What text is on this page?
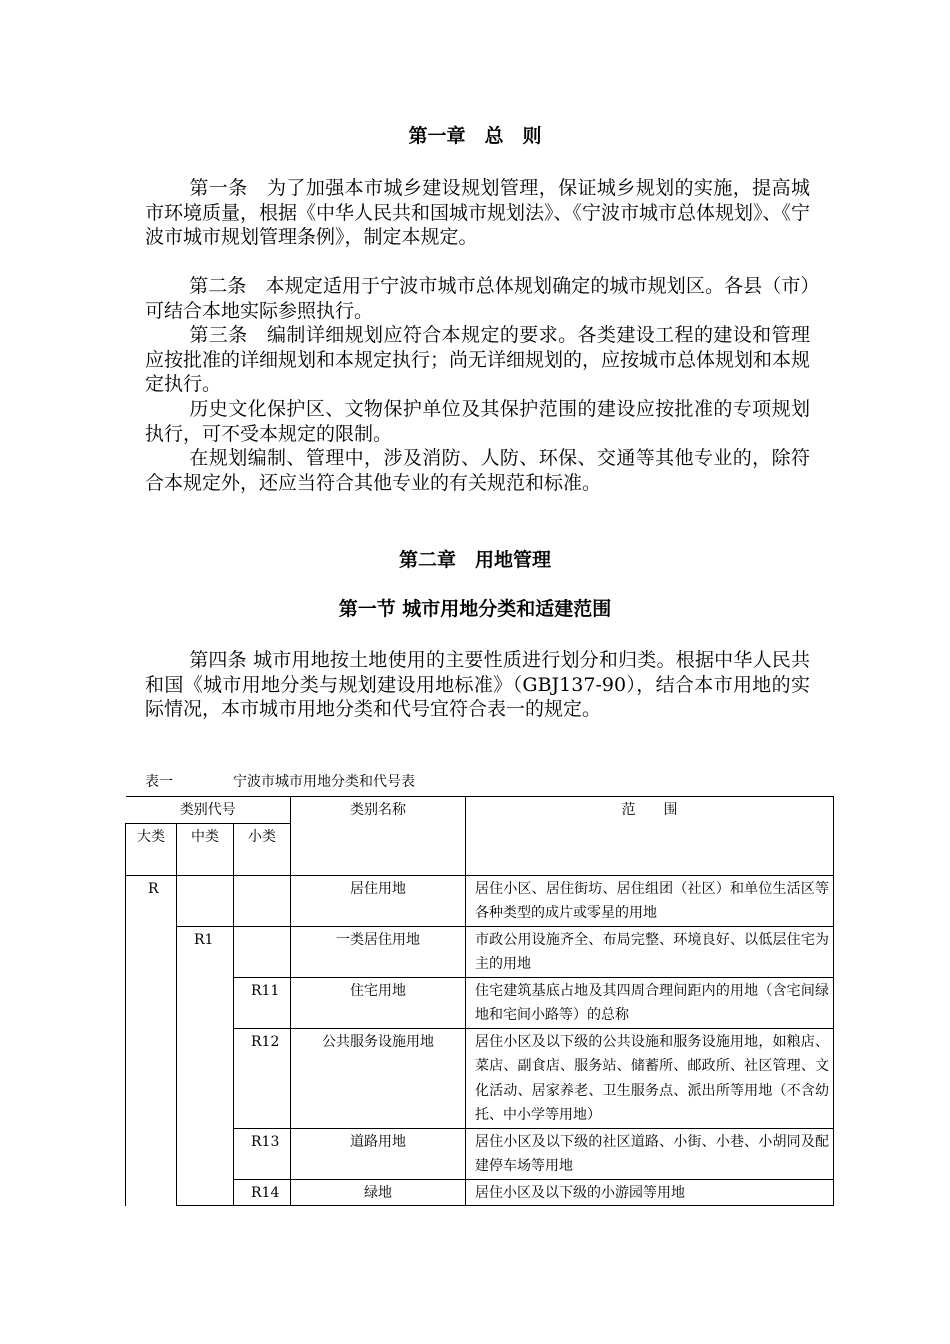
第一章　总　则

第一条　为了加强本市城乡建设规划管理，保证城乡规划的实施，提高城市环境质量，根据《中华人民共和国城市规划法》、《宁波市城市总体规划》、《宁波市城市规划管理条例》，制定本规定。

第二条　本规定适用于宁波市城市总体规划确定的城市规划区。各县（市）可结合本地实际参照执行。

第三条　编制详细规划应符合本规定的要求。各类建设工程的建设和管理应按批准的详细规划和本规定执行；尚无详细规划的，应按城市总体规划和本规定执行。

历史文化保护区、文物保护单位及其保护范围的建设应按批准的专项规划执行，可不受本规定的限制。

在规划编制、管理中，涉及消防、人防、环保、交通等其他专业的，除符合本规定外，还应当符合其他专业的有关规范和标准。

第二章　用地管理
第一节 城市用地分类和适建范围

第四条 城市用地按土地使用的主要性质进行划分和归类。根据中华人民共和国《城市用地分类与规划建设用地标准》（GBJ137-90），结合本市用地的实际情况，本市城市用地分类和代号宜符合表一的规定。

表一	宁波市城市用地分类和代号表
类别代号			类别名称	范　　围
大类	中类	小类		
R			居住用地	居住小区、居住街坊、居住组团（社区）和单位生活区等各种类型的成片或零星的用地
	R1		一类居住用地	市政公用设施齐全、布局完整、环境良好、以低层住宅为主的用地
		R11	住宅用地	住宅建筑基底占地及其四周合理间距内的用地（含宅间绿地和宅间小路等）的总称
		R12	公共服务设施用地	居住小区及以下级的公共设施和服务设施用地，如粮店、菜店、副食店、服务站、储蓄所、邮政所、社区管理、文化活动、居家养老、卫生服务点、派出所等用地（不含幼托、中小学等用地）
		R13	道路用地	居住小区及以下级的社区道路、小街、小巷、小胡同及配建停车场等用地
		R14	绿地	居住小区及以下级的小游园等用地
